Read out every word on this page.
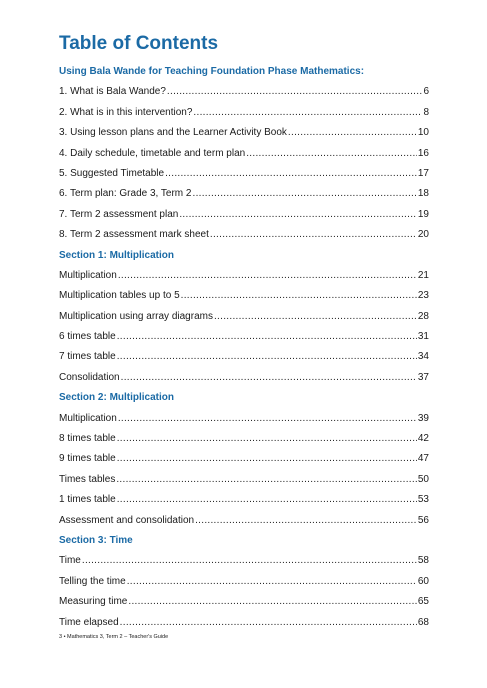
Table of Contents
Using Bala Wande for Teaching Foundation Phase Mathematics:
1. What is Bala Wande? .....	6
2. What is in this intervention? .....	8
3. Using lesson plans and the Learner Activity Book .....	10
4. Daily schedule, timetable and term plan .....	16
5. Suggested Timetable .....	17
6. Term plan: Grade 3, Term 2 .....	18
7. Term 2 assessment plan .....	19
8. Term 2 assessment mark sheet .....	20
Section 1: Multiplication
Multiplication .....	21
Multiplication tables up to 5 .....	23
Multiplication using array diagrams .....	28
6 times table .....	31
7 times table .....	34
Consolidation .....	37
Section 2: Multiplication
Multiplication .....	39
8 times table .....	42
9 times table .....	47
Times tables .....	50
1 times table .....	53
Assessment and consolidation .....	56
Section 3: Time
Time .....	58
Telling the time .....	60
Measuring time .....	65
Time elapsed .....	68
3 • Mathematics 3, Term 2 – Teacher's Guide
